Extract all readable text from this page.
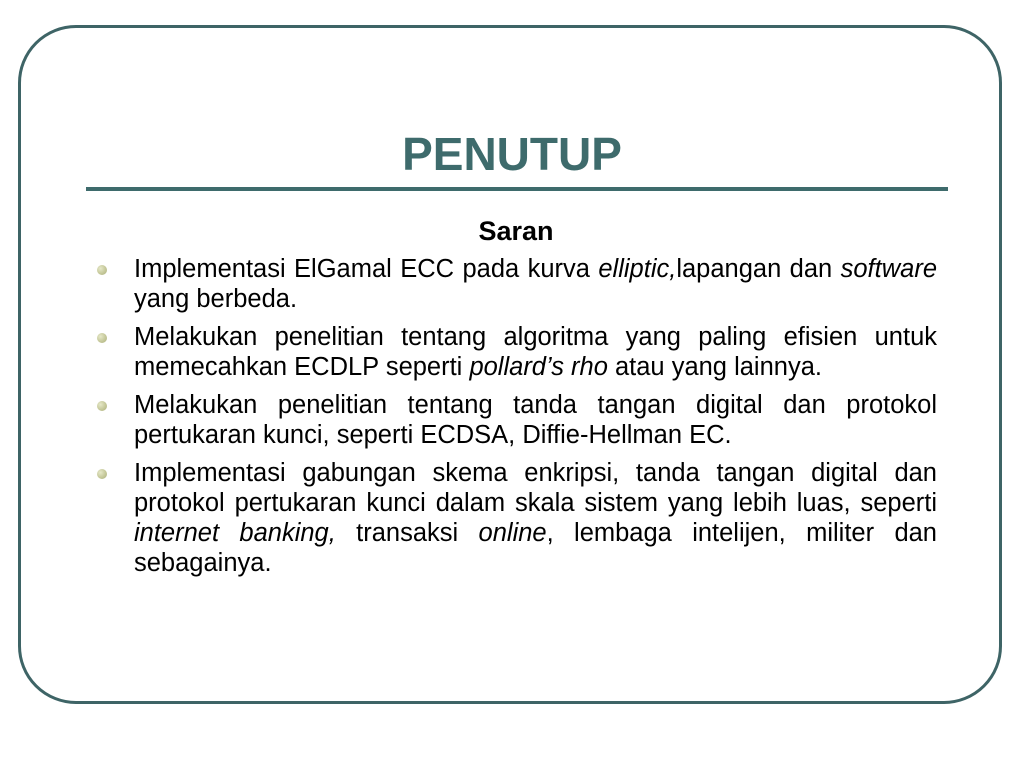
PENUTUP
Saran
Implementasi ElGamal ECC pada kurva elliptic,lapangan dan software yang berbeda.
Melakukan penelitian tentang algoritma yang paling efisien untuk memecahkan ECDLP seperti pollard’s rho atau yang lainnya.
Melakukan penelitian tentang tanda tangan digital dan protokol pertukaran kunci, seperti ECDSA, Diffie-Hellman EC.
Implementasi gabungan skema enkripsi, tanda tangan digital dan protokol pertukaran kunci dalam skala sistem yang lebih luas, seperti internet banking, transaksi online, lembaga intelijen, militer dan sebagainya.
